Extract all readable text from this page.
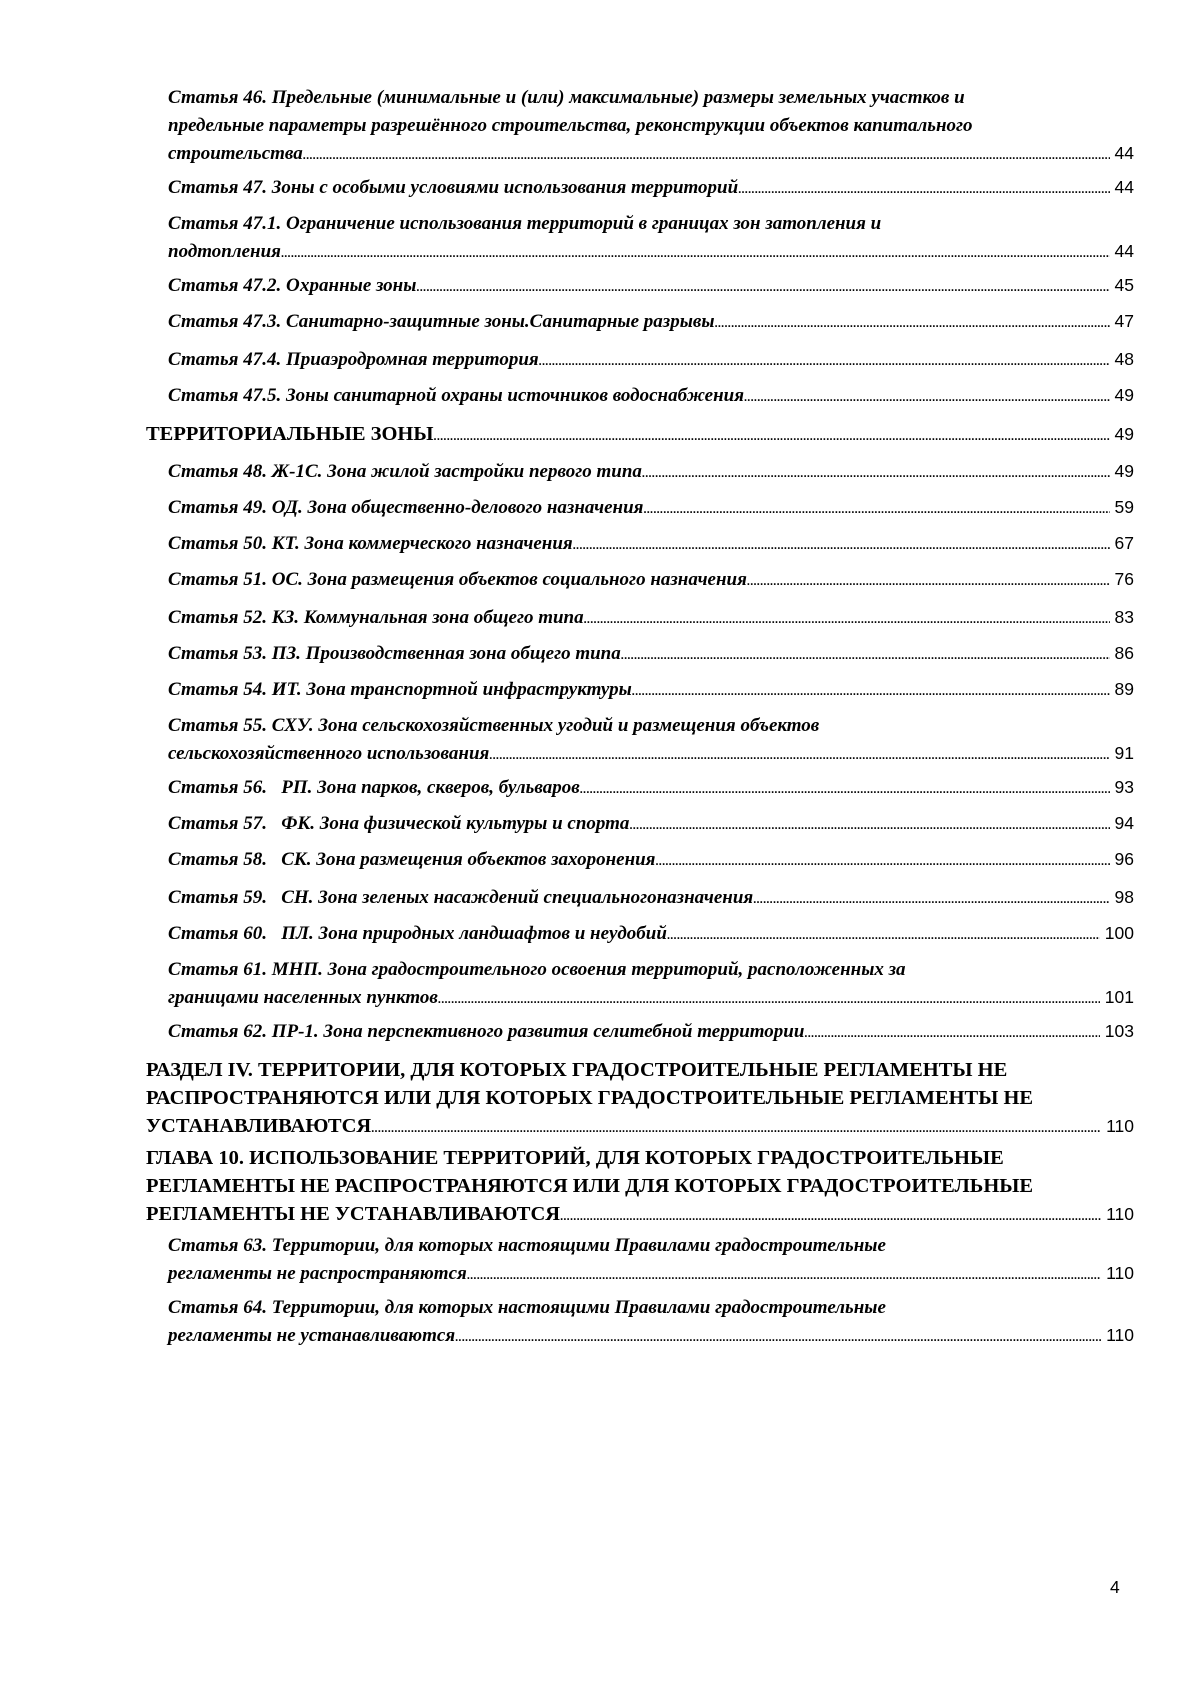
Статья 46. Предельные (минимальные и (или) максимальные) размеры земельных участков и
предельные параметры разрешённого строительства, реконструкции объектов капитального
строительства .....	44
Статья 47. Зоны с особыми условиями использования территорий .....	44
Статья 47.1. Ограничение использования территорий в границах зон затопления и
подтопления .....	44
Статья 47.2. Охранные зоны .....	45
Статья 47.3. Санитарно-защитные зоны.Санитарные разрывы .....	47
Статья 47.4. Приаэродромная территория .....	48
Статья 47.5. Зоны санитарной охраны источников водоснабжения .....	49
ТЕРРИТОРИАЛЬНЫЕ ЗОНЫ .....	49
Статья 48. Ж-1С. Зона жилой застройки первого типа .....	49
Статья 49. ОД. Зона общественно-делового назначения .....	59
Статья 50. КТ. Зона коммерческого назначения .....	67
Статья 51. ОС. Зона размещения объектов социального назначения .....	76
Статья 52. КЗ. Коммунальная зона общего типа .....	83
Статья 53. ПЗ. Производственная зона общего типа .....	86
Статья 54. ИТ. Зона транспортной инфраструктуры .....	89
Статья 55. СХУ. Зона сельскохозяйственных угодий и размещения объектов
сельскохозяйственного использования .....	91
Статья 56.   РП. Зона парков, скверов, бульваров .....	93
Статья 57.   ФК. Зона физической культуры и спорта .....	94
Статья 58.   СК. Зона размещения объектов захоронения .....	96
Статья 59.   СН. Зона зеленых насаждений специальногоназначения .....	98
Статья 60.   ПЛ. Зона природных ландшафтов и неудобий .....	100
Статья 61. МНП. Зона градостроительного освоения территорий, расположенных за
границами населенных пунктов .....	101
Статья 62. ПР-1. Зона перспективного развития селитебной территории .....	103
РАЗДЕЛ IV. ТЕРРИТОРИИ, ДЛЯ КОТОРЫХ ГРАДОСТРОИТЕЛЬНЫЕ РЕГЛАМЕНТЫ НЕ
РАСПРОСТРАНЯЮТСЯ ИЛИ ДЛЯ КОТОРЫХ ГРАДОСТРОИТЕЛЬНЫЕ РЕГЛАМЕНТЫ НЕ
УСТАНАВЛИВАЮТСЯ .....	110
ГЛАВА 10. ИСПОЛЬЗОВАНИЕ ТЕРРИТОРИЙ, ДЛЯ КОТОРЫХ ГРАДОСТРОИТЕЛЬНЫЕ
РЕГЛАМЕНТЫ НЕ РАСПРОСТРАНЯЮТСЯ ИЛИ ДЛЯ КОТОРЫХ ГРАДОСТРОИТЕЛЬНЫЕ
РЕГЛАМЕНТЫ НЕ УСТАНАВЛИВАЮТСЯ .....	110
Статья 63. Территории, для которых настоящими Правилами градостроительные
регламенты не распространяются .....	110
Статья 64. Территории, для которых настоящими Правилами градостроительные
регламенты не устанавливаются .....	110
4
